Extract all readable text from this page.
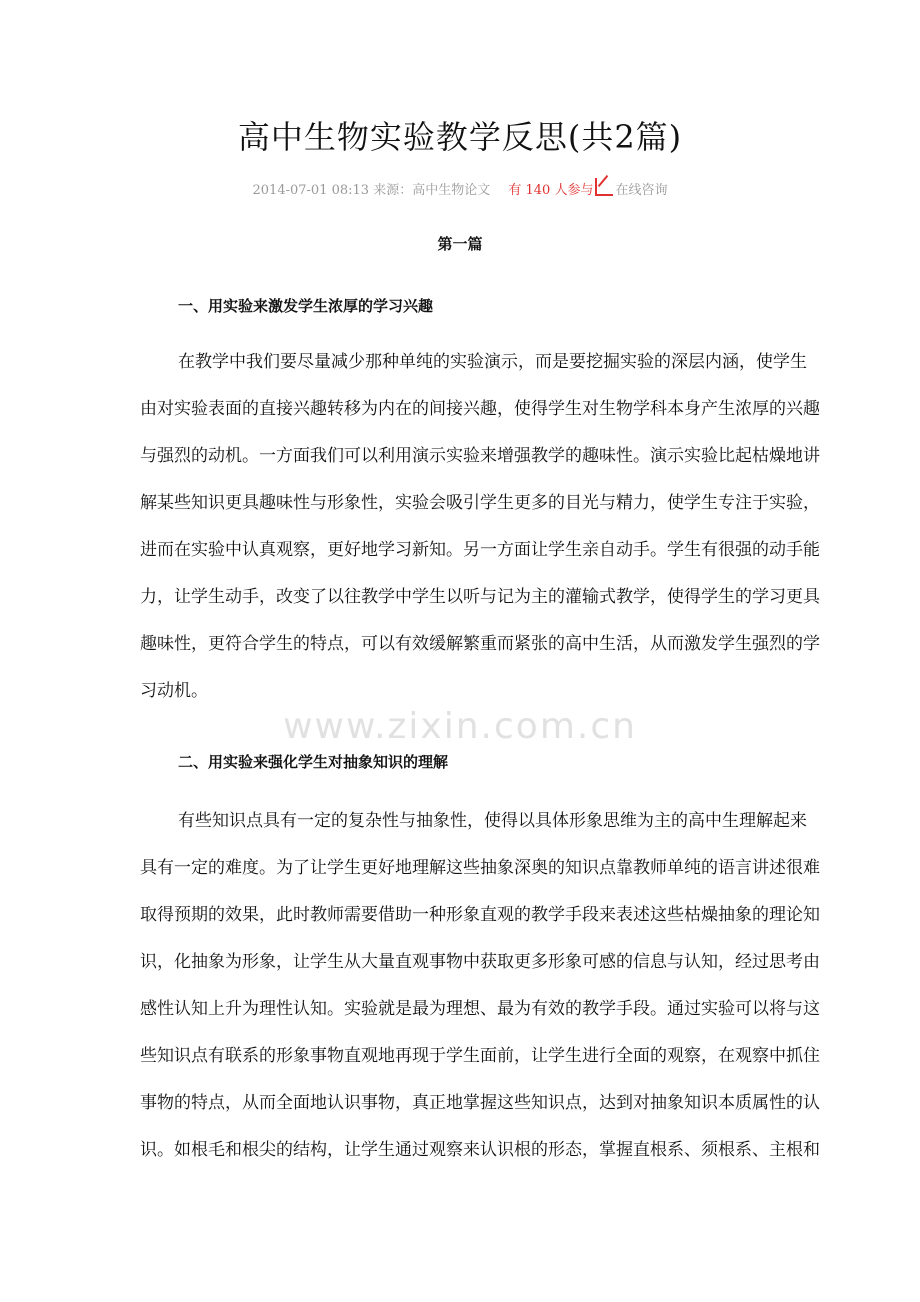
www.zixin.com.cn
高中生物实验教学反思(共2篇)
2014-07-01 08:13 来源：高中生物论文 有 140 人参与 在线咨询
第一篇
一、用实验来激发学生浓厚的学习兴趣
在教学中我们要尽量减少那种单纯的实验演示，而是要挖掘实验的深层内涵，使学生
由对实验表面的直接兴趣转移为内在的间接兴趣，使得学生对生物学科本身产生浓厚的兴趣
与强烈的动机。一方面我们可以利用演示实验来增强教学的趣味性。演示实验比起枯燥地讲
解某些知识更具趣味性与形象性，实验会吸引学生更多的目光与精力，使学生专注于实验，
进而在实验中认真观察，更好地学习新知。另一方面让学生亲自动手。学生有很强的动手能
力，让学生动手，改变了以往教学中学生以听与记为主的灌输式教学，使得学生的学习更具
趣味性，更符合学生的特点，可以有效缓解繁重而紧张的高中生活，从而激发学生强烈的学
习动机。
二、用实验来强化学生对抽象知识的理解
有些知识点具有一定的复杂性与抽象性，使得以具体形象思维为主的高中生理解起来
具有一定的难度。为了让学生更好地理解这些抽象深奥的知识点靠教师单纯的语言讲述很难
取得预期的效果，此时教师需要借助一种形象直观的教学手段来表述这些枯燥抽象的理论知
识，化抽象为形象，让学生从大量直观事物中获取更多形象可感的信息与认知，经过思考由
感性认知上升为理性认知。实验就是最为理想、最为有效的教学手段。通过实验可以将与这
些知识点有联系的形象事物直观地再现于学生面前，让学生进行全面的观察，在观察中抓住
事物的特点，从而全面地认识事物，真正地掌握这些知识点，达到对抽象知识本质属性的认
识。如根毛和根尖的结构，让学生通过观察来认识根的形态，掌握直根系、须根系、主根和
